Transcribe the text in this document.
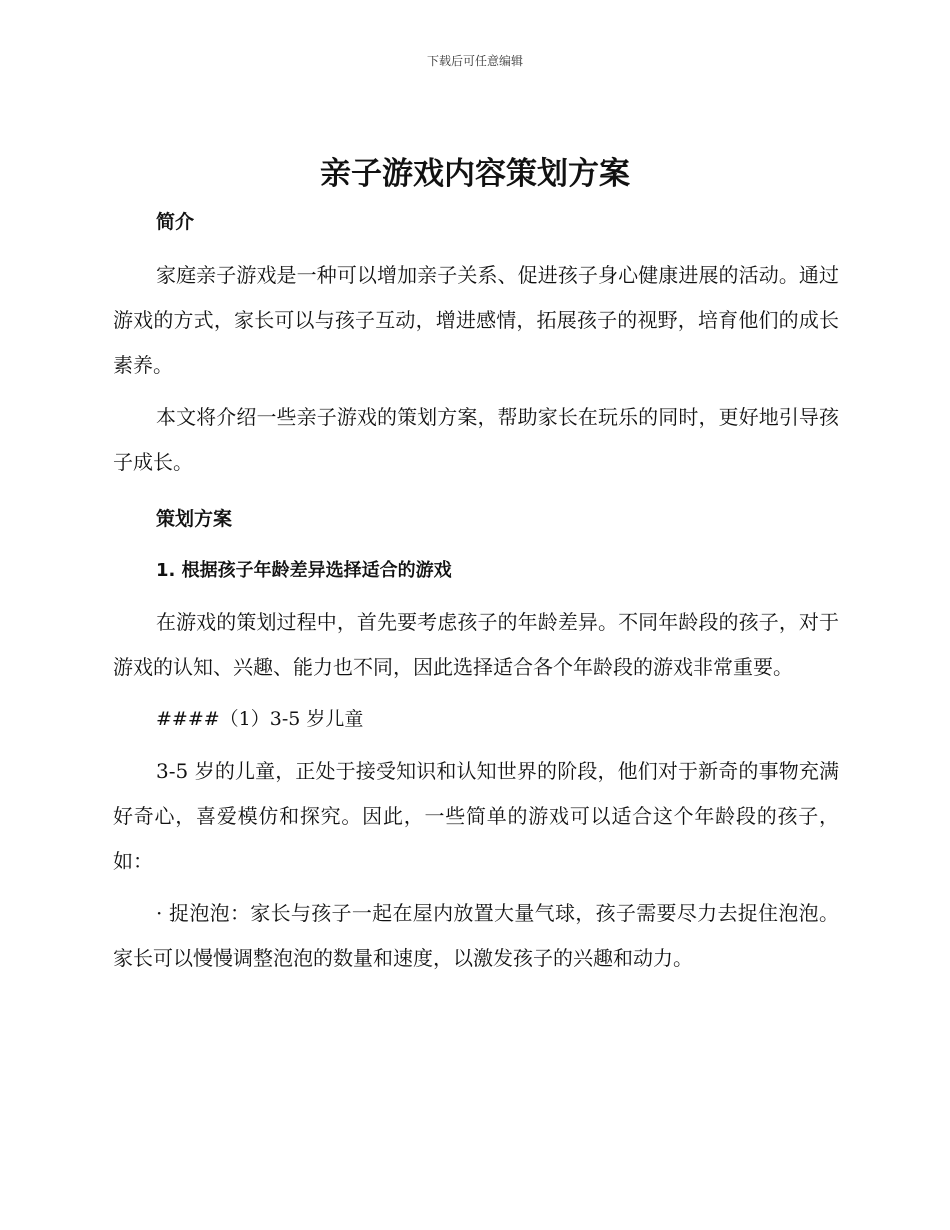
下载后可任意编辑
亲子游戏内容策划方案

简介

家庭亲子游戏是一种可以增加亲子关系、促进孩子身心健康进展的活动。通过游戏的方式，家长可以与孩子互动，增进感情，拓展孩子的视野，培育他们的成长素养。

本文将介绍一些亲子游戏的策划方案，帮助家长在玩乐的同时，更好地引导孩子成长。

策划方案

1. 根据孩子年龄差异选择适合的游戏

在游戏的策划过程中，首先要考虑孩子的年龄差异。不同年龄段的孩子，对于游戏的认知、兴趣、能力也不同，因此选择适合各个年龄段的游戏非常重要。

####（1）3-5 岁儿童

3-5 岁的儿童，正处于接受知识和认知世界的阶段，他们对于新奇的事物充满好奇心，喜爱模仿和探究。因此，一些简单的游戏可以适合这个年龄段的孩子，如：

· 捉泡泡：家长与孩子一起在屋内放置大量气球，孩子需要尽力去捉住泡泡。家长可以慢慢调整泡泡的数量和速度，以激发孩子的兴趣和动力。
